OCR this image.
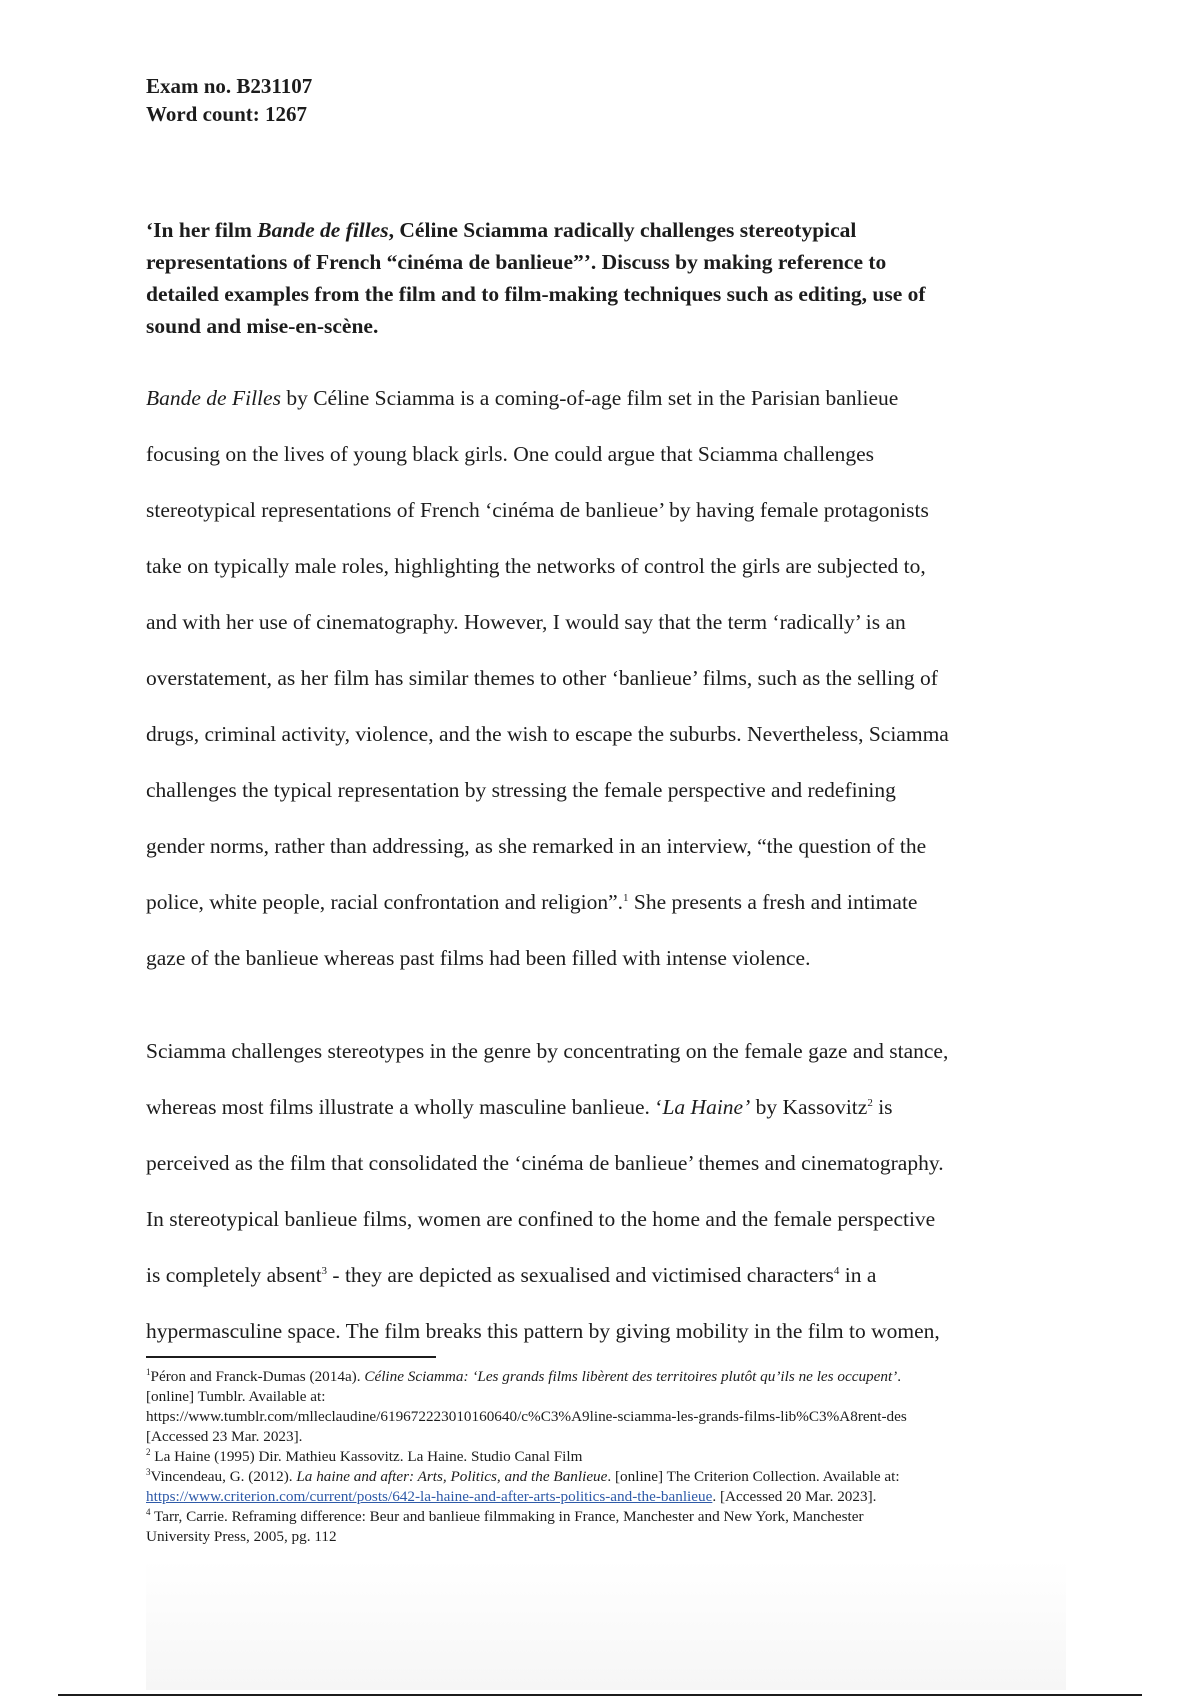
Exam no. B231107
Word count: 1267
‘In her film Bande de filles, Céline Sciamma radically challenges stereotypical
representations of French “cinéma de banlieue”’. Discuss by making reference to
detailed examples from the film and to film-making techniques such as editing, use of
sound and mise-en-scène.
Bande de Filles by Céline Sciamma is a coming-of-age film set in the Parisian banlieue
focusing on the lives of young black girls. One could argue that Sciamma challenges
stereotypical representations of French ‘cinéma de banlieue’ by having female protagonists
take on typically male roles, highlighting the networks of control the girls are subjected to,
and with her use of cinematography. However, I would say that the term ‘radically’ is an
overstatement, as her film has similar themes to other ‘banlieue’ films, such as the selling of
drugs, criminal activity, violence, and the wish to escape the suburbs. Nevertheless, Sciamma
challenges the typical representation by stressing the female perspective and redefining
gender norms, rather than addressing, as she remarked in an interview, “the question of the
police, white people, racial confrontation and religion”.$^1$ She presents a fresh and intimate
gaze of the banlieue whereas past films had been filled with intense violence.
Sciamma challenges stereotypes in the genre by concentrating on the female gaze and stance,
whereas most films illustrate a wholly masculine banlieue. ‘La Haine’ by Kassovitz$^2$ is
perceived as the film that consolidated the ‘cinéma de banlieue’ themes and cinematography.
In stereotypical banlieue films, women are confined to the home and the female perspective
is completely absent$^3$ - they are depicted as sexualised and victimised characters$^4$ in a
hypermasculine space. The film breaks this pattern by giving mobility in the film to women,
$^1$Péron and Franck-Dumas (2014a). Céline Sciamma: ‘Les grands films libèrent des territoires plutôt qu’ils ne les occupent’.
[online] Tumblr. Available at:
https://www.tumblr.com/mlleclaudine/619672223010160640/c%C3%A9line-sciamma-les-grands-films-lib%C3%A8rent-des
[Accessed 23 Mar. 2023].
$^2$ La Haine (1995) Dir. Mathieu Kassovitz. La Haine. Studio Canal Film
$^3$Vincendeau, G. (2012). La haine and after: Arts, Politics, and the Banlieue. [online] The Criterion Collection. Available at:
https://www.criterion.com/current/posts/642-la-haine-and-after-arts-politics-and-the-banlieue. [Accessed 20 Mar. 2023].
$^4$ Tarr, Carrie. Reframing difference: Beur and banlieue filmmaking in France, Manchester and New York, Manchester
University Press, 2005, pg. 112
